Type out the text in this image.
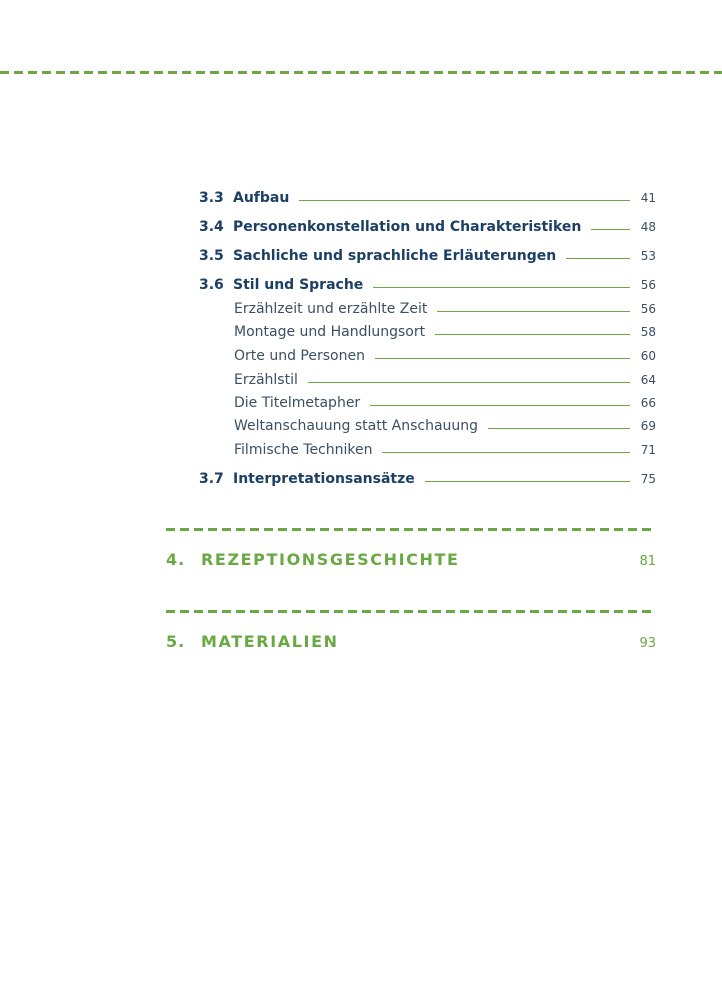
3.3 Aufbau	41
3.4 Personenkonstellation und Charakteristiken	48
3.5 Sachliche und sprachliche Erläuterungen	53
3.6 Stil und Sprache	56
Erzählzeit und erzählte Zeit	56
Montage und Handlungsort	58
Orte und Personen	60
Erzählstil	64
Die Titelmetapher	66
Weltanschauung statt Anschauung	69
Filmische Techniken	71
3.7 Interpretationsansätze	75
4. REZEPTIONSGESCHICHTE	81
5. MATERIALIEN	93
